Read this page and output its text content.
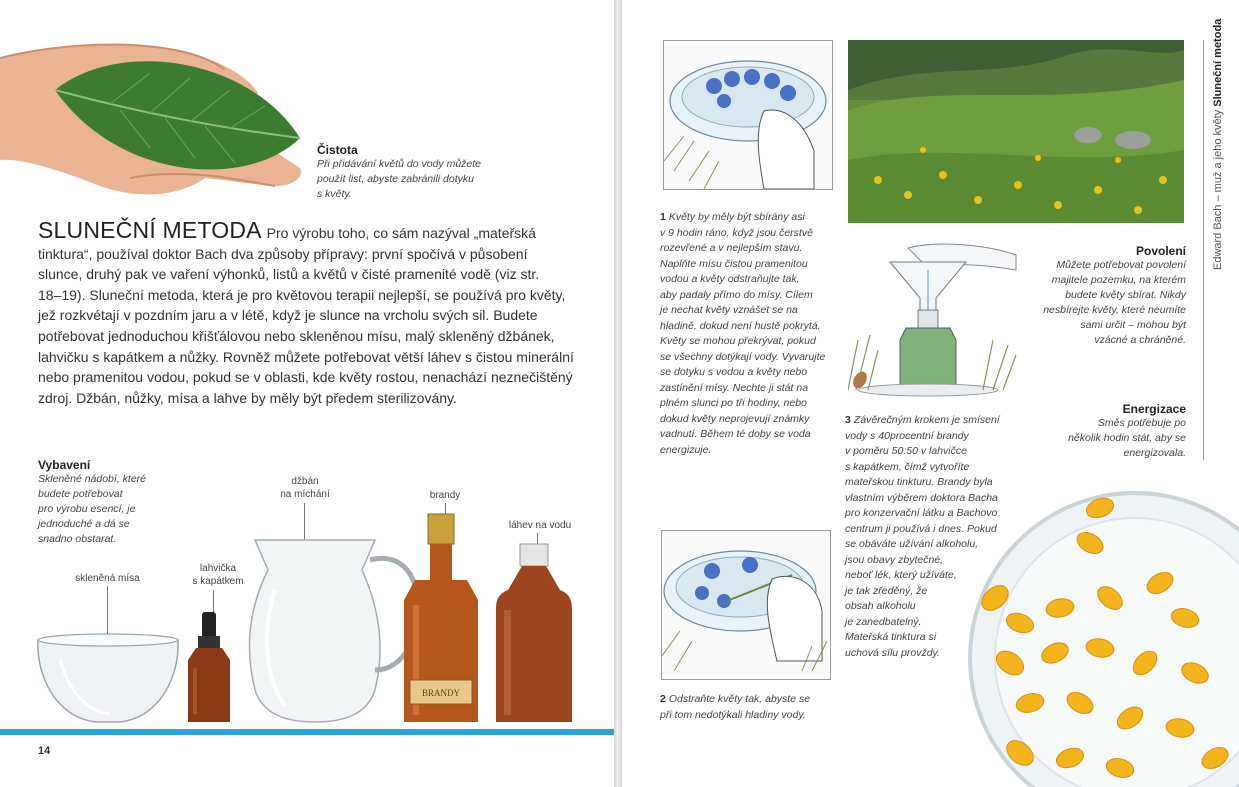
Čistota
Při přidávání květů do vody můžete
použít list, abyste zabránili dotyku
s květy.
SLUNEČNÍ METODA Pro výrobu toho, co sám nazýval „mateřská
tinktura“, používal doktor Bach dva způsoby přípravy: první spočívá v působení
slunce, druhý pak ve vaření výhonků, listů a květů v čisté pramenité vodě (viz str.
18–19). Sluneční metoda, která je pro květovou terapii nejlepší, se používá pro květy,
jež rozkvétají v pozdním jaru a v létě, když je slunce na vrcholu svých sil. Budete
potřebovat jednoduchou křišťálovou nebo skleněnou mísu, malý skleněný džbánek,
lahvičku s kapátkem a nůžky. Rovněž můžete potřebovat větší láhev s čistou minerální
nebo pramenitou vodou, pokud se v oblasti, kde květy rostou, nenachází neznečištěný
zdroj. Džbán, nůžky, mísa a lahve by měly být předem sterilizovány.
Vybavení
Skleněné nádobí, které
budete potřebovat
pro výrobu esencí, je
jednoduché a dá se
snadno obstarat.
skleněná mísa
lahvička
s kapátkem
džbán
na míchání	brandy
láhev na vodu
BRANDY
14
1 Květy by měly být sbírány asi
v 9 hodin ráno, když jsou čerstvě
rozevřené a v nejlepším stavu.
Naplňte mísu čistou pramenitou
vodou a květy odstraňujte tak,
aby padaly přímo do mísy. Cílem
je nechat květy vznášet se na
hladině, dokud není hustě pokrytá.
Květy se mohou překrývat, pokud
se všechny dotýkají vody. Vyvarujte
se dotyku s vodou a květy nebo
zastínění mísy. Nechte ji stát na
plném slunci po tři hodiny, nebo
dokud květy neprojevují známky
vadnutí. Během té doby se voda
energizuje.
Povolení
Můžete potřebovat povolení
majitele pozemku, na kterém
budete květy sbírat. Nikdy
nesbírejte květy, které neumíte
sami určit – mohou být
vzácné a chráněné.
Energizace
Směs potřebuje po
několik hodin stát, aby se
energizovala.
3 Závěrečným krokem je smísení
vody s 40procentní brandy
v poměru 50:50 v lahvičce
s kapátkem, čímž vytvoříte
mateřskou tinkturu. Brandy byla
vlastním výběrem doktora Bacha
pro konzervační látku a Bachovo
centrum ji používá i dnes. Pokud
se obáváte užívání alkoholu,
jsou obavy zbytečné,
neboť lék, který užíváte,
je tak zředěný, že
obsah alkoholu
je zanedbatelný.
Mateřská tinktura si
uchová sílu provždy.
2 Odstraňte květy tak, abyste se
při tom nedotýkali hladiny vody.
Edward Bach – muž a jeho květy Sluneční metoda
